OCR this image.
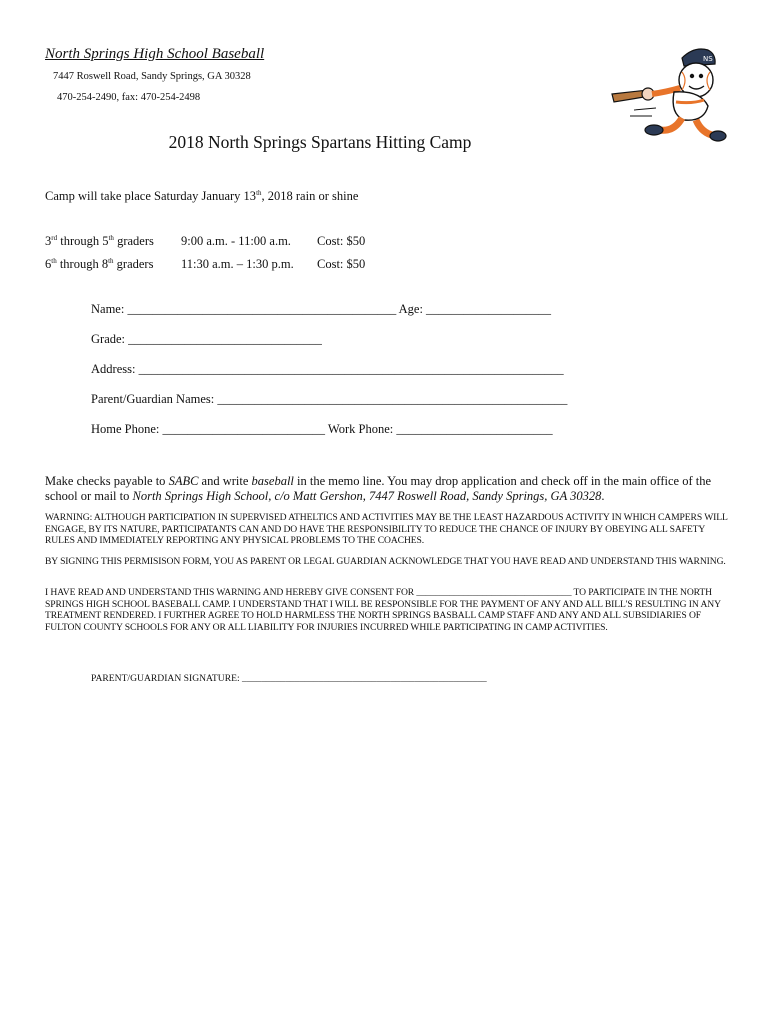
North Springs High School Baseball
7447 Roswell Road, Sandy Springs, GA 30328
470-254-2490, fax: 470-254-2498
NS
2018 North Springs Spartans Hitting Camp
Camp will take place Saturday January 13th, 2018 rain or shine
3rd through 5th graders 9:00 a.m. - 11:00 a.m. Cost: $50
6th through 8th graders 11:30 a.m. – 1:30 p.m. Cost: $50
Name: ___________________________________________ Age: ____________________
Grade: _______________________________
Address: ____________________________________________________________________
Parent/Guardian Names: ________________________________________________________
Home Phone: __________________________ Work Phone: _________________________
Make checks payable to SABC and write baseball in the memo line. You may drop application and check off in the main office of the school or mail to North Springs High School, c/o Matt Gershon, 7447 Roswell Road, Sandy Springs, GA 30328.
WARNING: ALTHOUGH PARTICIPATION IN SUPERVISED ATHELTICS AND ACTIVITIES MAY BE THE LEAST HAZARDOUS ACTIVITY IN WHICH CAMPERS WILL ENGAGE, BY ITS NATURE, PARTICIPATANTS CAN AND DO HAVE THE RESPONSIBILITY TO REDUCE THE CHANCE OF INJURY BY OBEYING ALL SAFETY RULES AND IMMEDIATELY REPORTING ANY PHYSICAL PROBLEMS TO THE COACHES.
BY SIGNING THIS PERMISISON FORM, YOU AS PARENT OR LEGAL GUARDIAN ACKNOWLEDGE THAT YOU HAVE READ AND UNDERSTAND THIS WARNING.
I HAVE READ AND UNDERSTAND THIS WARNING AND HEREBY GIVE CONSENT FOR _________________________________ TO PARTICIPATE IN THE NORTH SPRINGS HIGH SCHOOL BASEBALL CAMP. I UNDERSTAND THAT I WILL BE RESPONSIBLE FOR THE PAYMENT OF ANY AND ALL BILL'S RESULTING IN ANY TREATMENT RENDERED. I FURTHER AGREE TO HOLD HARMLESS THE NORTH SPRINGS BASBALL CAMP STAFF AND ANY AND ALL SUBSIDIARIES OF FULTON COUNTY SCHOOLS FOR ANY OR ALL LIABILITY FOR INJURIES INCURRED WHILE PARTICIPATING IN CAMP ACTIVITIES.
PARENT/GUARDIAN SIGNATURE: ___________________________________________________
